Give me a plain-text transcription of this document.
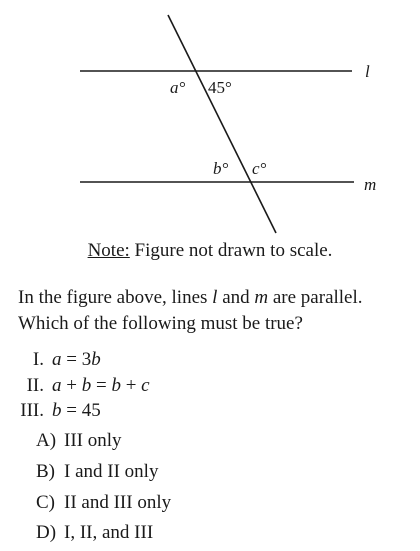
l
m
a° 45°
b° c°
Note: Figure not drawn to scale.
In the figure above, lines l and m are parallel.
Which of the following must be true?
I. a = 3b
II. a + b = b + c
III. b = 45
A) III only
B) I and II only
C) II and III only
D) I, II, and III
